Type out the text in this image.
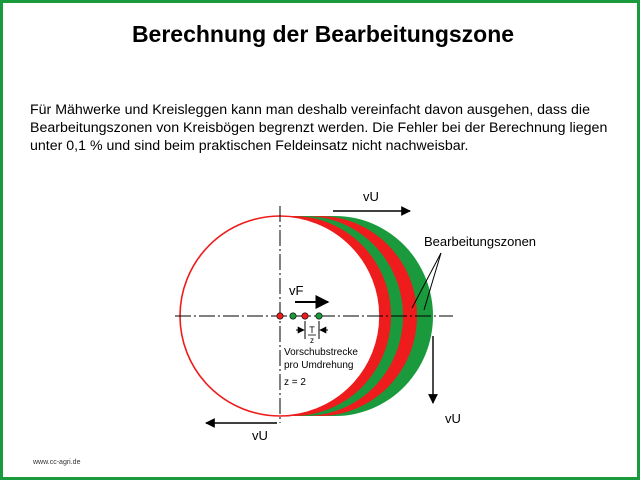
Berechnung der Bearbeitungszone

Für Mähwerke und Kreisleggen kann man deshalb vereinfacht davon ausgehen, dass die Bearbeitungszonen von Kreisbögen begrenzt werden. Die Fehler bei der Berechnung liegen unter 0,1 % und sind beim praktischen Feldeinsatz nicht nachweisbar.

T
z
vF
vU
vU
vU
Bearbeitungszonen
Vorschubstrecke
pro Umdrehung
z = 2
www.cc-agri.de
